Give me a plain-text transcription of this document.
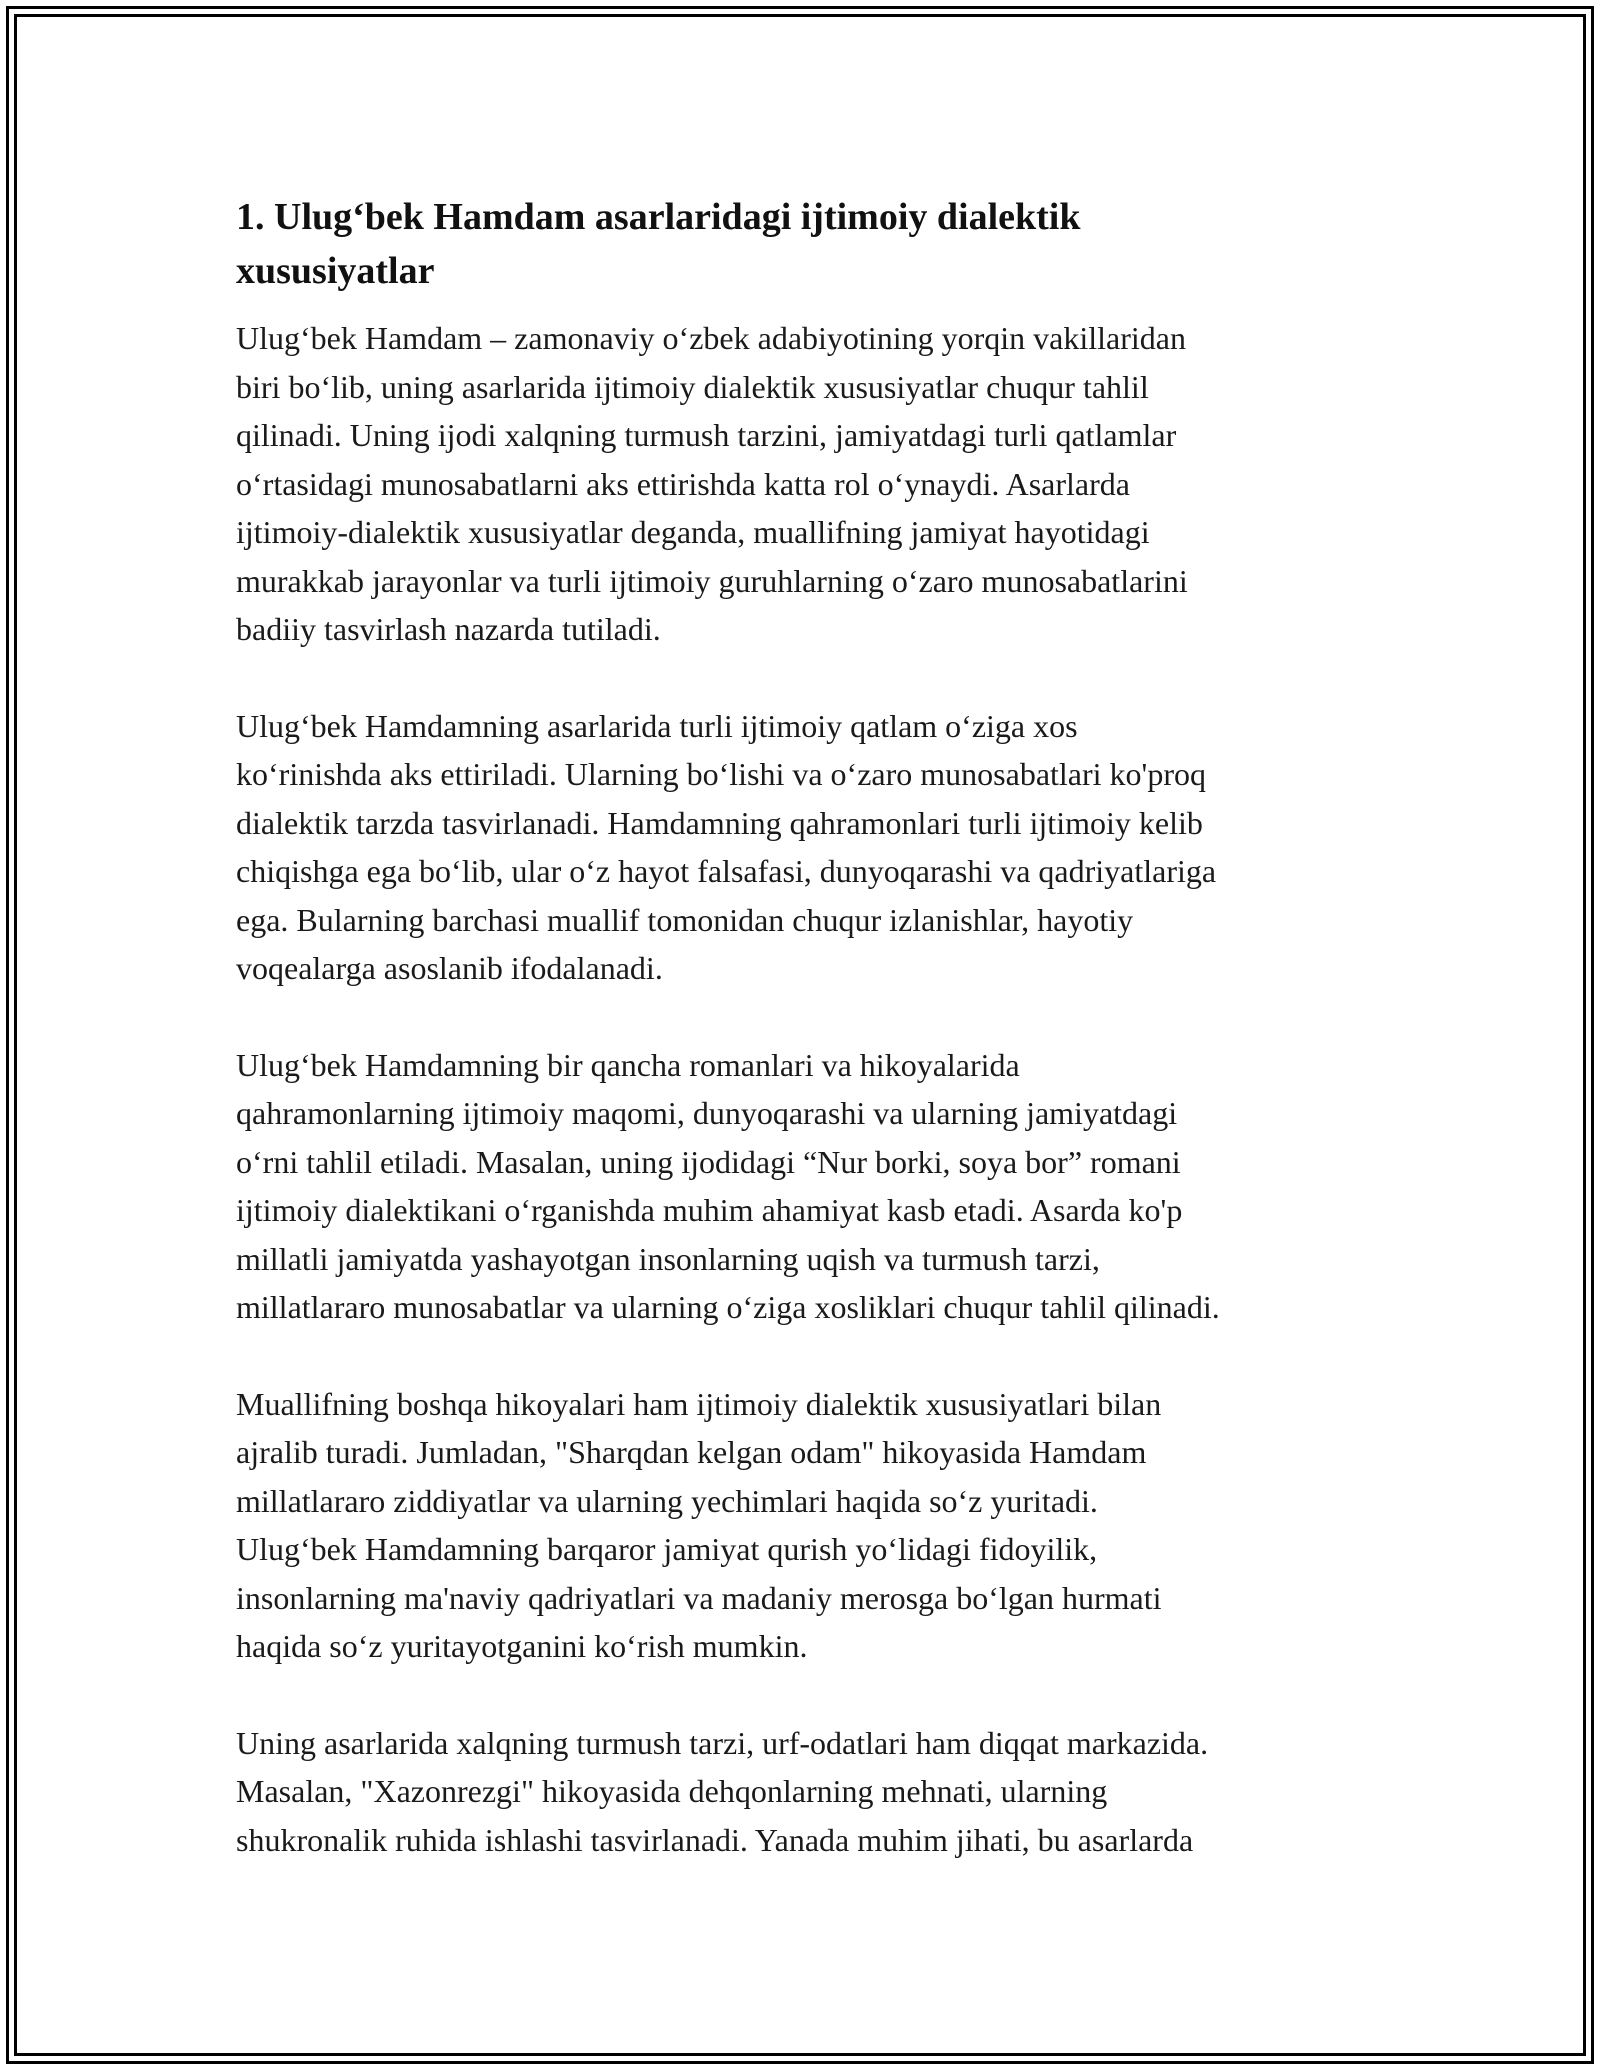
1. Ulug‘bek Hamdam asarlaridagi ijtimoiy dialektik xususiyatlar

Ulug‘bek Hamdam – zamonaviy o‘zbek adabiyotining yorqin vakillaridan
biri bo‘lib, uning asarlarida ijtimoiy dialektik xususiyatlar chuqur tahlil
qilinadi. Uning ijodi xalqning turmush tarzini, jamiyatdagi turli qatlamlar
o‘rtasidagi munosabatlarni aks ettirishda katta rol o‘ynaydi. Asarlarda
ijtimoiy-dialektik xususiyatlar deganda, muallifning jamiyat hayotidagi
murakkab jarayonlar va turli ijtimoiy guruhlarning o‘zaro munosabatlarini
badiiy tasvirlash nazarda tutiladi.

Ulug‘bek Hamdamning asarlarida turli ijtimoiy qatlam o‘ziga xos
ko‘rinishda aks ettiriladi. Ularning bo‘lishi va o‘zaro munosabatlari ko'proq
dialektik tarzda tasvirlanadi. Hamdamning qahramonlari turli ijtimoiy kelib
chiqishga ega bo‘lib, ular o‘z hayot falsafasi, dunyoqarashi va qadriyatlariga
ega. Bularning barchasi muallif tomonidan chuqur izlanishlar, hayotiy
voqealarga asoslanib ifodalanadi.

Ulug‘bek Hamdamning bir qancha romanlari va hikoyalarida
qahramonlarning ijtimoiy maqomi, dunyoqarashi va ularning jamiyatdagi
o‘rni tahlil etiladi. Masalan, uning ijodidagi “Nur borki, soya bor” romani
ijtimoiy dialektikani o‘rganishda muhim ahamiyat kasb etadi. Asarda ko'p
millatli jamiyatda yashayotgan insonlarning uqish va turmush tarzi,
millatlararo munosabatlar va ularning o‘ziga xosliklari chuqur tahlil qilinadi.

Muallifning boshqa hikoyalari ham ijtimoiy dialektik xususiyatlari bilan
ajralib turadi. Jumladan, "Sharqdan kelgan odam" hikoyasida Hamdam
millatlararo ziddiyatlar va ularning yechimlari haqida so‘z yuritadi.
Ulug‘bek Hamdamning barqaror jamiyat qurish yo‘lidagi fidoyilik,
insonlarning ma'naviy qadriyatlari va madaniy merosga bo‘lgan hurmati
haqida so‘z yuritayotganini ko‘rish mumkin.

Uning asarlarida xalqning turmush tarzi, urf-odatlari ham diqqat markazida.
Masalan, "Xazonrezgi" hikoyasida dehqonlarning mehnati, ularning
shukronalik ruhida ishlashi tasvirlanadi. Yanada muhim jihati, bu asarlarda
